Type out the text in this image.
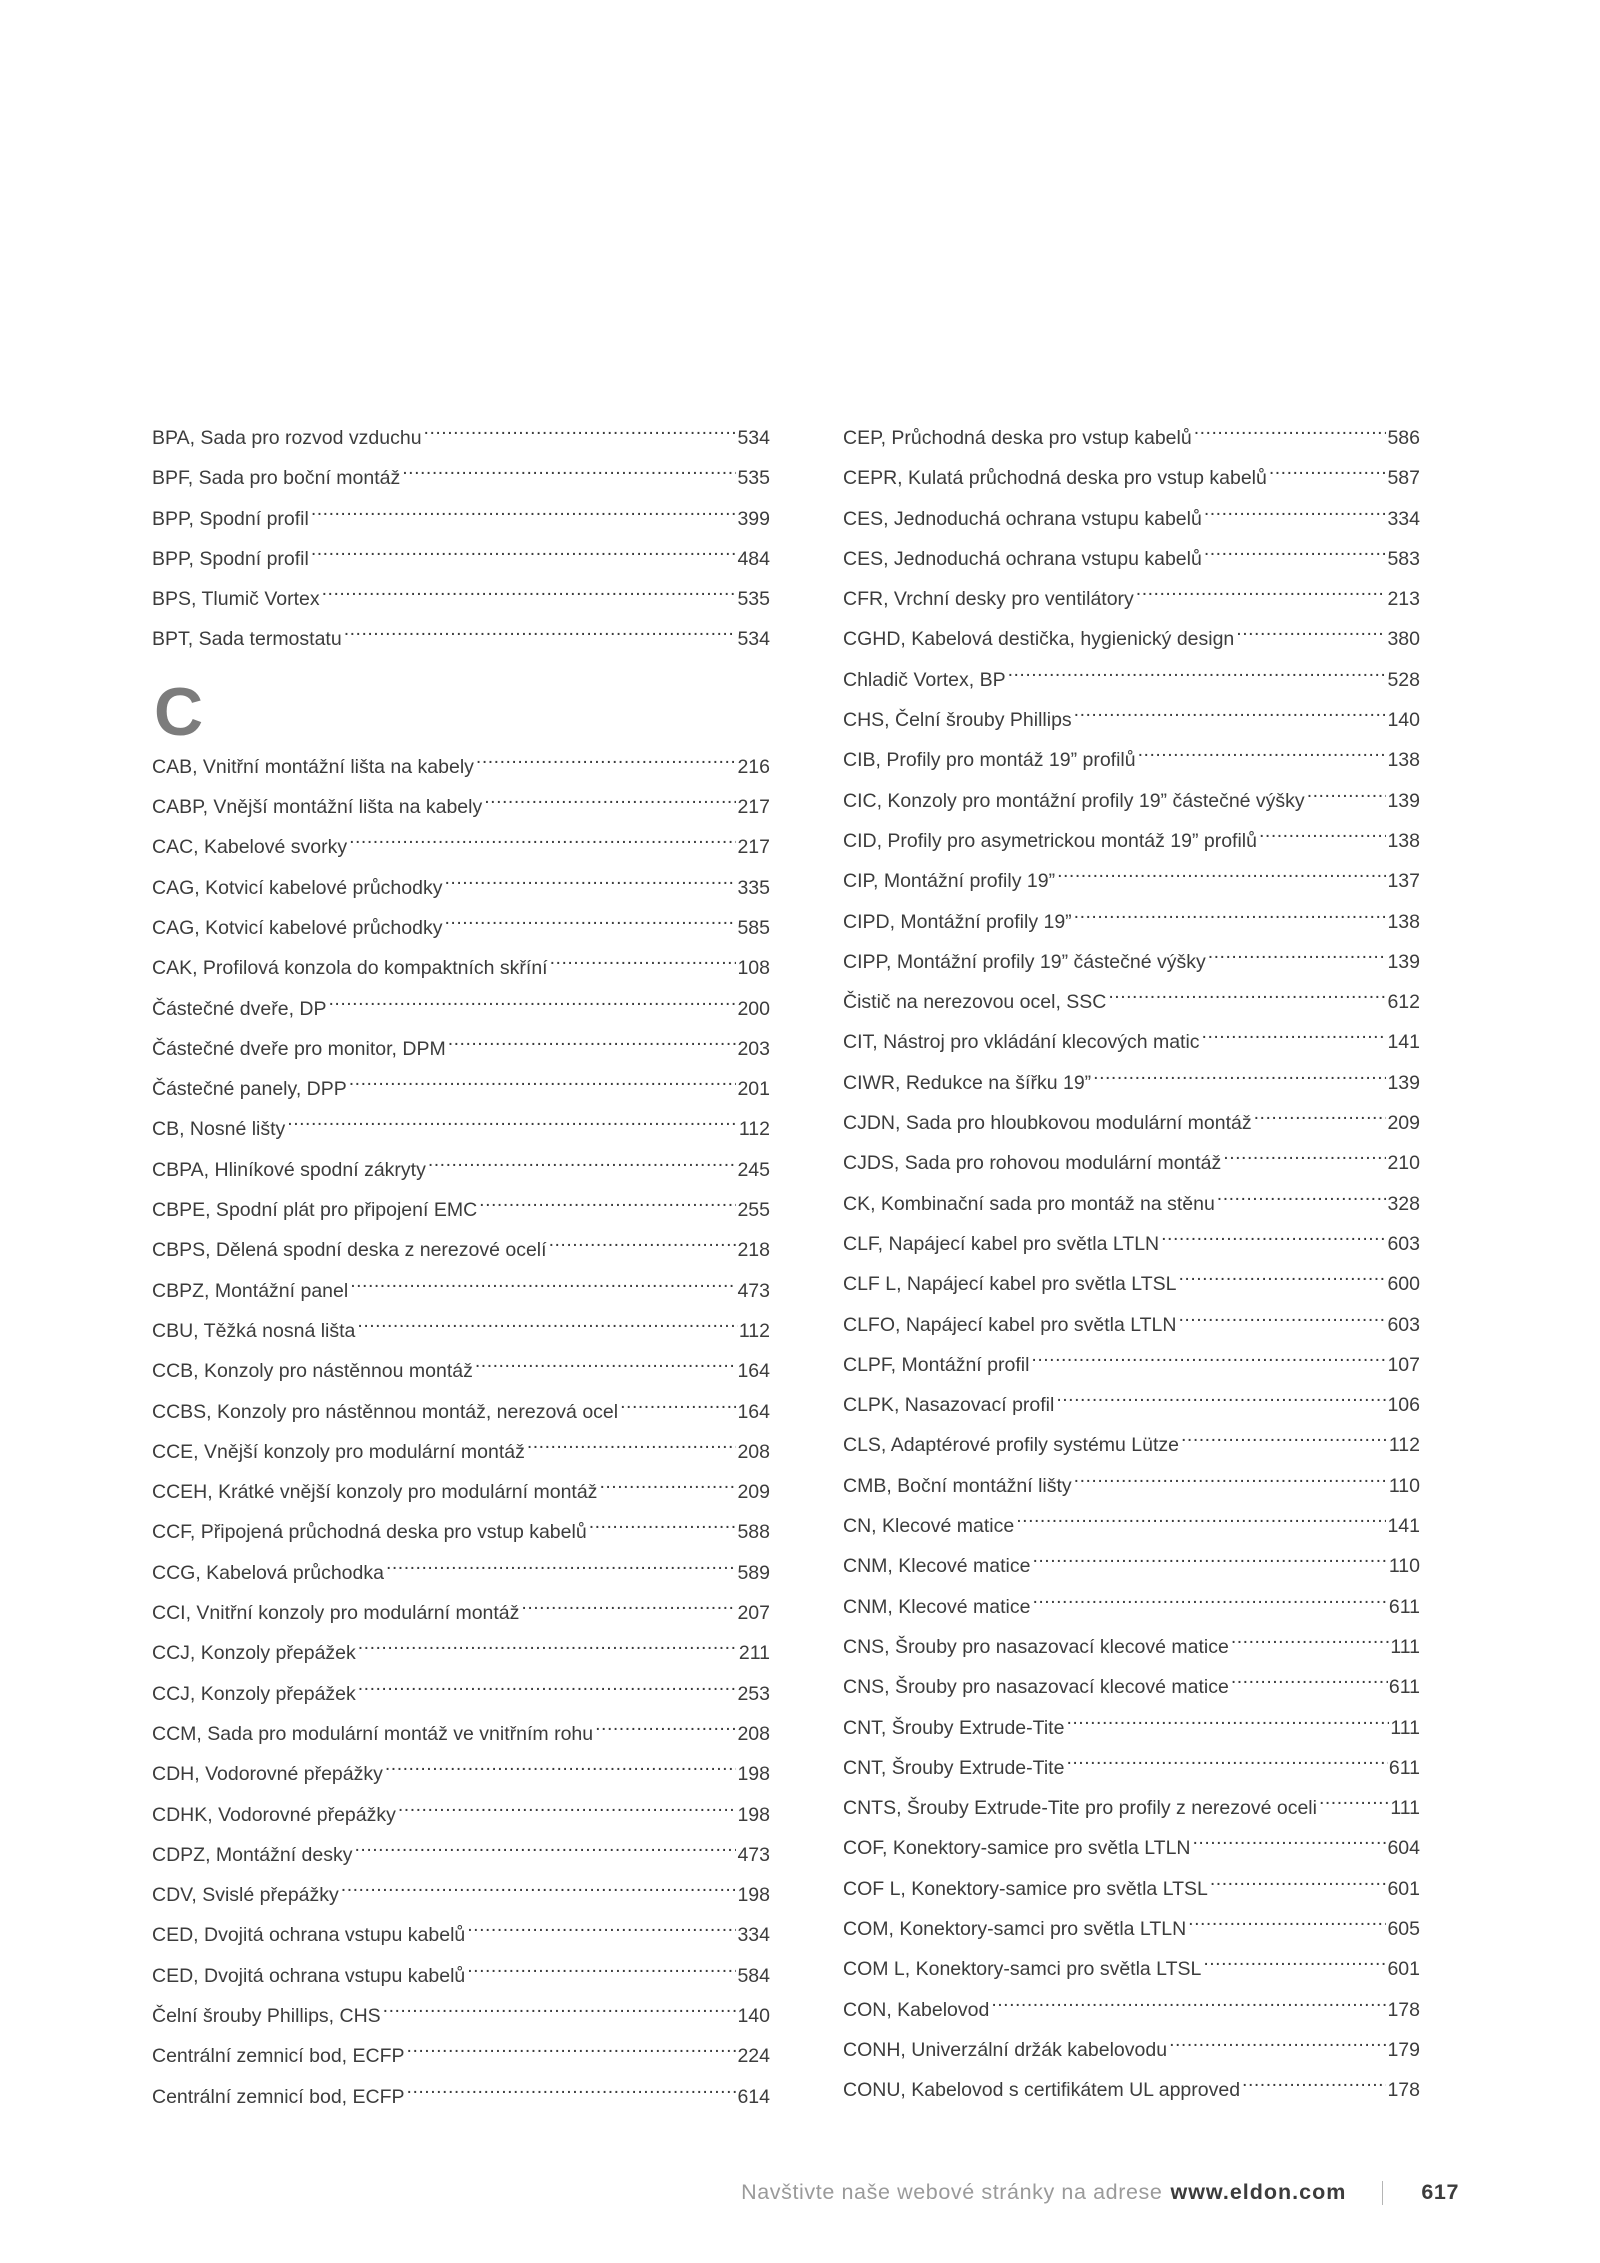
BPA, Sada pro rozvod vzduchu .....	534
BPF, Sada pro boční montáž .....	535
BPP, Spodní profil .....	399
BPP, Spodní profil .....	484
BPS, Tlumič Vortex .....	535
BPT, Sada termostatu .....	534
C
CAB, Vnitřní montážní lišta na kabely .....	216
CABP, Vnější montážní lišta na kabely .....	217
CAC, Kabelové svorky .....	217
CAG, Kotvicí kabelové průchodky .....	335
CAG, Kotvicí kabelové průchodky .....	585
CAK, Profilová konzola do kompaktních skříní .....	108
Částečné dveře, DP .....	200
Částečné dveře pro monitor, DPM .....	203
Částečné panely, DPP .....	201
CB, Nosné lišty .....	112
CBPA, Hliníkové spodní zákryty .....	245
CBPE, Spodní plát pro připojení EMC .....	255
CBPS, Dělená spodní deska z nerezové ocelí .....	218
CBPZ, Montážní panel .....	473
CBU, Těžká nosná lišta .....	112
CCB, Konzoly pro nástěnnou montáž .....	164
CCBS, Konzoly pro nástěnnou montáž, nerezová ocel .....	164
CCE, Vnější konzoly pro modulární montáž .....	208
CCEH, Krátké vnější konzoly pro modulární montáž .....	209
CCF, Připojená průchodná deska pro vstup kabelů .....	588
CCG, Kabelová průchodka .....	589
CCI, Vnitřní konzoly pro modulární montáž .....	207
CCJ, Konzoly přepážek .....	211
CCJ, Konzoly přepážek .....	253
CCM, Sada pro modulární montáž ve vnitřním rohu .....	208
CDH, Vodorovné přepážky .....	198
CDHK, Vodorovné přepážky .....	198
CDPZ, Montážní desky .....	473
CDV, Svislé přepážky .....	198
CED, Dvojitá ochrana vstupu kabelů .....	334
CED, Dvojitá ochrana vstupu kabelů .....	584
Čelní šrouby Phillips, CHS .....	140
Centrální zemnicí bod, ECFP .....	224
Centrální zemnicí bod, ECFP .....	614
CEP, Průchodná deska pro vstup kabelů .....	586
CEPR, Kulatá průchodná deska pro vstup kabelů .....	587
CES, Jednoduchá ochrana vstupu kabelů .....	334
CES, Jednoduchá ochrana vstupu kabelů .....	583
CFR, Vrchní desky pro ventilátory .....	213
CGHD, Kabelová destička, hygienický design .....	380
Chladič Vortex, BP .....	528
CHS, Čelní šrouby Phillips .....	140
CIB, Profily pro montáž 19” profilů .....	138
CIC, Konzoly pro montážní profily 19” částečné výšky .....	139
CID, Profily pro asymetrickou montáž 19” profilů .....	138
CIP, Montážní profily 19” .....	137
CIPD, Montážní profily 19” .....	138
CIPP, Montážní profily 19” částečné výšky .....	139
Čistič na nerezovou ocel, SSC .....	612
CIT, Nástroj pro vkládání klecových matic .....	141
CIWR, Redukce na šířku 19” .....	139
CJDN, Sada pro hloubkovou modulární montáž .....	209
CJDS, Sada pro rohovou modulární montáž .....	210
CK, Kombinační sada pro montáž na stěnu .....	328
CLF, Napájecí kabel pro světla LTLN .....	603
CLF L, Napájecí kabel pro světla LTSL .....	600
CLFO, Napájecí kabel pro světla LTLN .....	603
CLPF, Montážní profil .....	107
CLPK, Nasazovací profil .....	106
CLS, Adaptérové profily systému Lütze .....	112
CMB, Boční montážní lišty .....	110
CN, Klecové matice .....	141
CNM, Klecové matice .....	110
CNM, Klecové matice .....	611
CNS, Šrouby pro nasazovací klecové matice .....	111
CNS, Šrouby pro nasazovací klecové matice .....	611
CNT, Šrouby Extrude-Tite .....	111
CNT, Šrouby Extrude-Tite .....	611
CNTS, Šrouby Extrude-Tite pro profily z nerezové oceli .....	111
COF, Konektory-samice pro světla LTLN .....	604
COF L, Konektory-samice pro světla LTSL .....	601
COM, Konektory-samci pro světla LTLN .....	605
COM L, Konektory-samci pro světla LTSL .....	601
CON, Kabelovod .....	178
CONH, Univerzální držák kabelovodu .....	179
CONU, Kabelovod s certifikátem UL approved .....	178
Navštivte naše webové stránky na adrese www.eldon.com	617
